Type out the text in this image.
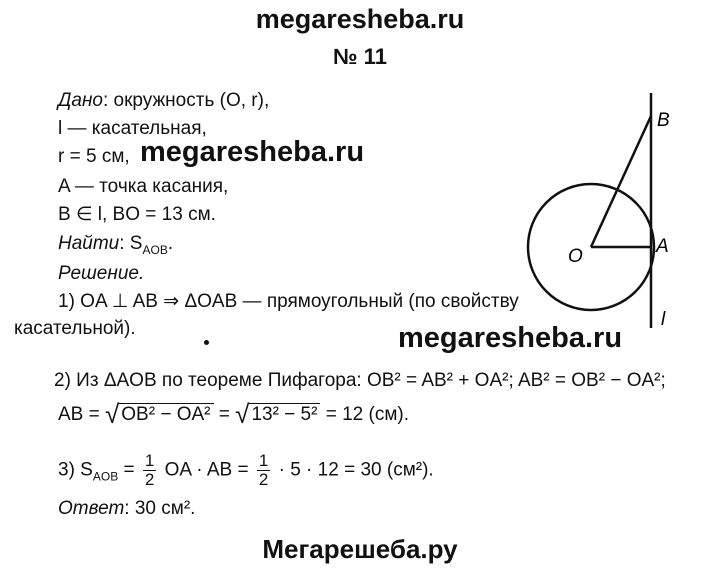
megaresheba.ru
№ 11
Дано: окружность (O, r),
l — касательная,
r = 5 см, megaresheba.ru
A — точка касания,
B ∈ l, BO = 13 см.
Найти: $S_{AOB}$.
Решение.
1) OA ⊥ AB ⇒ ΔOAB — прямоугольный (по свойству
касательной).	megaresheba.ru
2) Из ΔAOB по теореме Пифагора: OB² = AB² + OA²; AB² = OB² − OA²;
AB = √ OB² − OA² = √ 13² − 5² = 12 (см).
3) $S_{AOB} = \frac{1}{2}$ OA · AB = $\frac{1}{2} \cdot 5 \cdot 12 = 30$ (см²).
Ответ: 30 см².
Мегарешеба.ру
O	A
B
l
